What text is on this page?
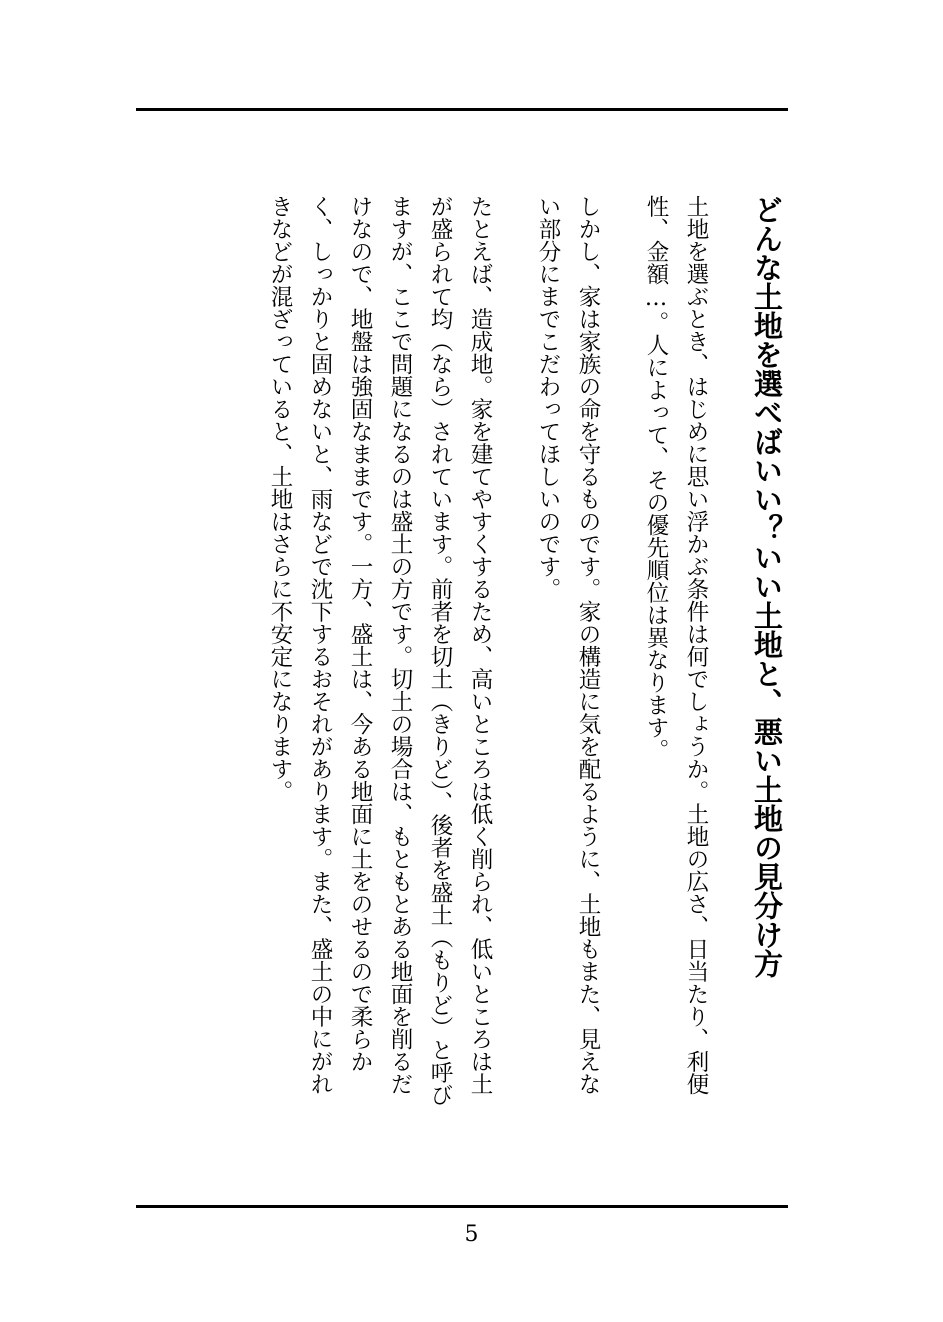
どんな土地を選べばいい？いい土地と、悪い土地の見分け方

土地を選ぶとき、はじめに思い浮かぶ条件は何でしょうか。土地の広さ、日当たり、利便性、金額…。人によって、その優先順位は異なります。

しかし、家は家族の命を守るものです。家の構造に気を配るように、土地もまた、見えない部分にまでこだわってほしいのです。

たとえば、造成地。家を建てやすくするため、高いところは低く削られ、低いところは土が盛られて均（なら）されています。前者を切土（きりど）、後者を盛土（もりど）と呼びますが、ここで問題になるのは盛土の方です。切土の場合は、もともとある地面を削るだけなので、地盤は強固なままです。一方、盛土は、今ある地面に土をのせるので柔らかく、しっかりと固めないと、雨などで沈下するおそれがあります。また、盛土の中にがれきなどが混ざっていると、土地はさらに不安定になります。

5
